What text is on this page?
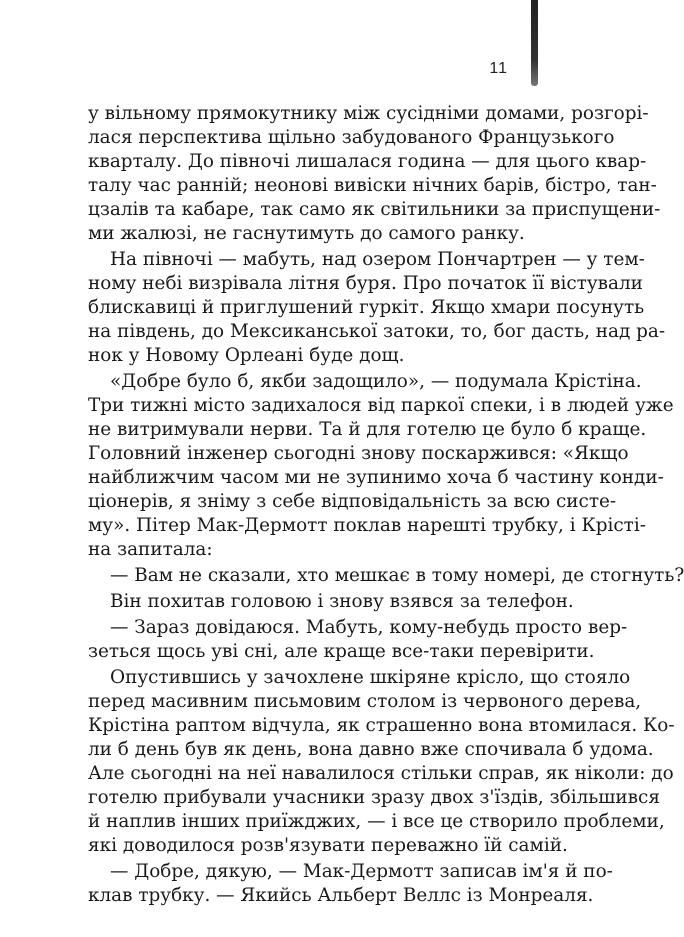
11
у вільному прямокутнику між сусідніми домами, розгорі-
лася перспектива щільно забудованого Французького
кварталу. До півночі лишалася година — для цього квар-
талу час ранній; неонові вивіски нічних барів, бістро, тан-
цзалів та кабаре, так само як світильники за приспущени-
ми жалюзі, не гаснутимуть до самого ранку.
На півночі — мабуть, над озером Пончартрен — у тем-
ному небі визрівала літня буря. Про початок її вістували
блискавиці й приглушений гуркіт. Якщо хмари посунуть
на південь, до Мексиканської затоки, то, бог дасть, над ра-
нок у Новому Орлеані буде дощ.
«Добре було б, якби задощило», — подумала Крістіна.
Три тижні місто задихалося від паркої спеки, і в людей уже
не витримували нерви. Та й для готелю це було б краще.
Головний інженер сьогодні знову поскаржився: «Якщо
найближчим часом ми не зупинимо хоча б частину конди-
ціонерів, я зніму з себе відповідальність за всю систе-
му». Пітер Мак-Дермотт поклав нарешті трубку, і Крісті-
на запитала:
— Вам не сказали, хто мешкає в тому номері, де стогнуть?
Він похитав головою і знову взявся за телефон.
— Зараз довідаюся. Мабуть, кому-небудь просто вер-
зеться щось уві сні, але краще все-таки перевірити.
Опустившись у зачохлене шкіряне крісло, що стояло
перед масивним письмовим столом із червоного дерева,
Крістіна раптом відчула, як страшенно вона втомилася. Ко-
ли б день був як день, вона давно вже спочивала б удома.
Але сьогодні на неї навалилося стільки справ, як ніколи: до
готелю прибували учасники зразу двох з'їздів, збільшився
й наплив інших приїжджих, — і все це створило проблеми,
які доводилося розв'язувати переважно їй самій.
— Добре, дякую, — Мак-Дермотт записав ім'я й по-
клав трубку. — Якийсь Альберт Веллс із Монреаля.
